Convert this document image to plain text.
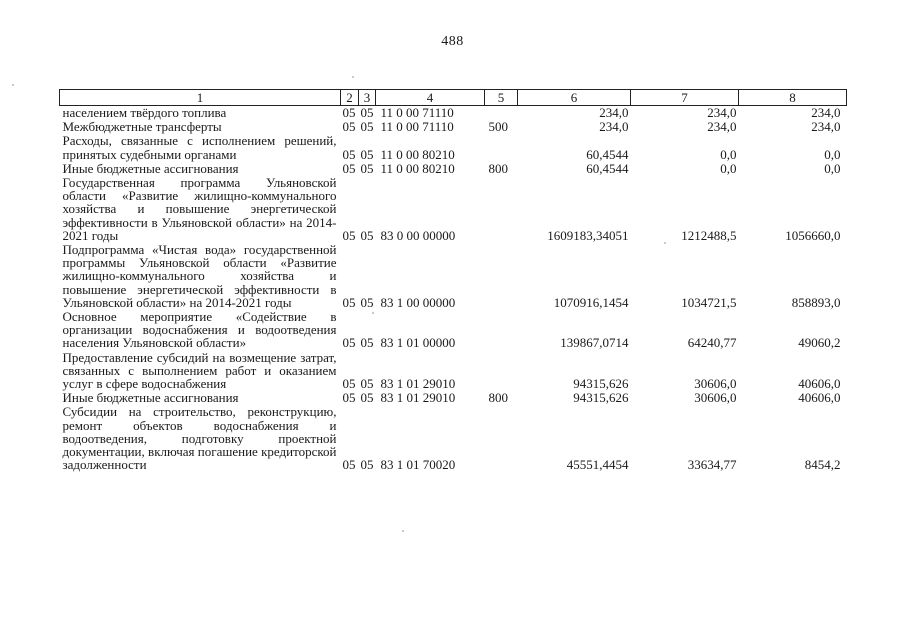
488
1	2	3	4	5	6	7	8
населением твёрдого топлива	05	05	11 0 00 71110		234,0	234,0	234,0
Межбюджетные трансферты	05	05	11 0 00 71110	500	234,0	234,0	234,0
Расходы, связанные с исполнением решений, принятых судебными органами	05	05	11 0 00 80210		60,4544	0,0	0,0
Иные бюджетные ассигнования	05	05	11 0 00 80210	800	60,4544	0,0	0,0
Государственная программа Ульяновской области «Развитие жилищно-коммунального хозяйства и повышение энергетической эффективности в Ульяновской области» на 2014-2021 годы	05	05	83 0 00 00000		1609183,34051	1212488,5	1056660,0
Подпрограмма «Чистая вода» государственной программы Ульяновской области «Развитие жилищно-коммунального хозяйства и повышение энергетической эффективности в Ульяновской области» на 2014-2021 годы	05	05	83 1 00 00000		1070916,1454	1034721,5	858893,0
Основное мероприятие «Содействие в организации водоснабжения и водоотведения населения Ульяновской области»	05	05	83 1 01 00000		139867,0714	64240,77	49060,2
Предоставление субсидий на возмещение затрат, связанных с выполнением работ и оказанием услуг в сфере водоснабжения	05	05	83 1 01 29010		94315,626	30606,0	40606,0
Иные бюджетные ассигнования	05	05	83 1 01 29010	800	94315,626	30606,0	40606,0
Субсидии на строительство, реконструкцию, ремонт объектов водоснабжения и водоотведения, подготовку проектной документации, включая погашение кредиторской задолженности	05	05	83 1 01 70020		45551,4454	33634,77	8454,2
